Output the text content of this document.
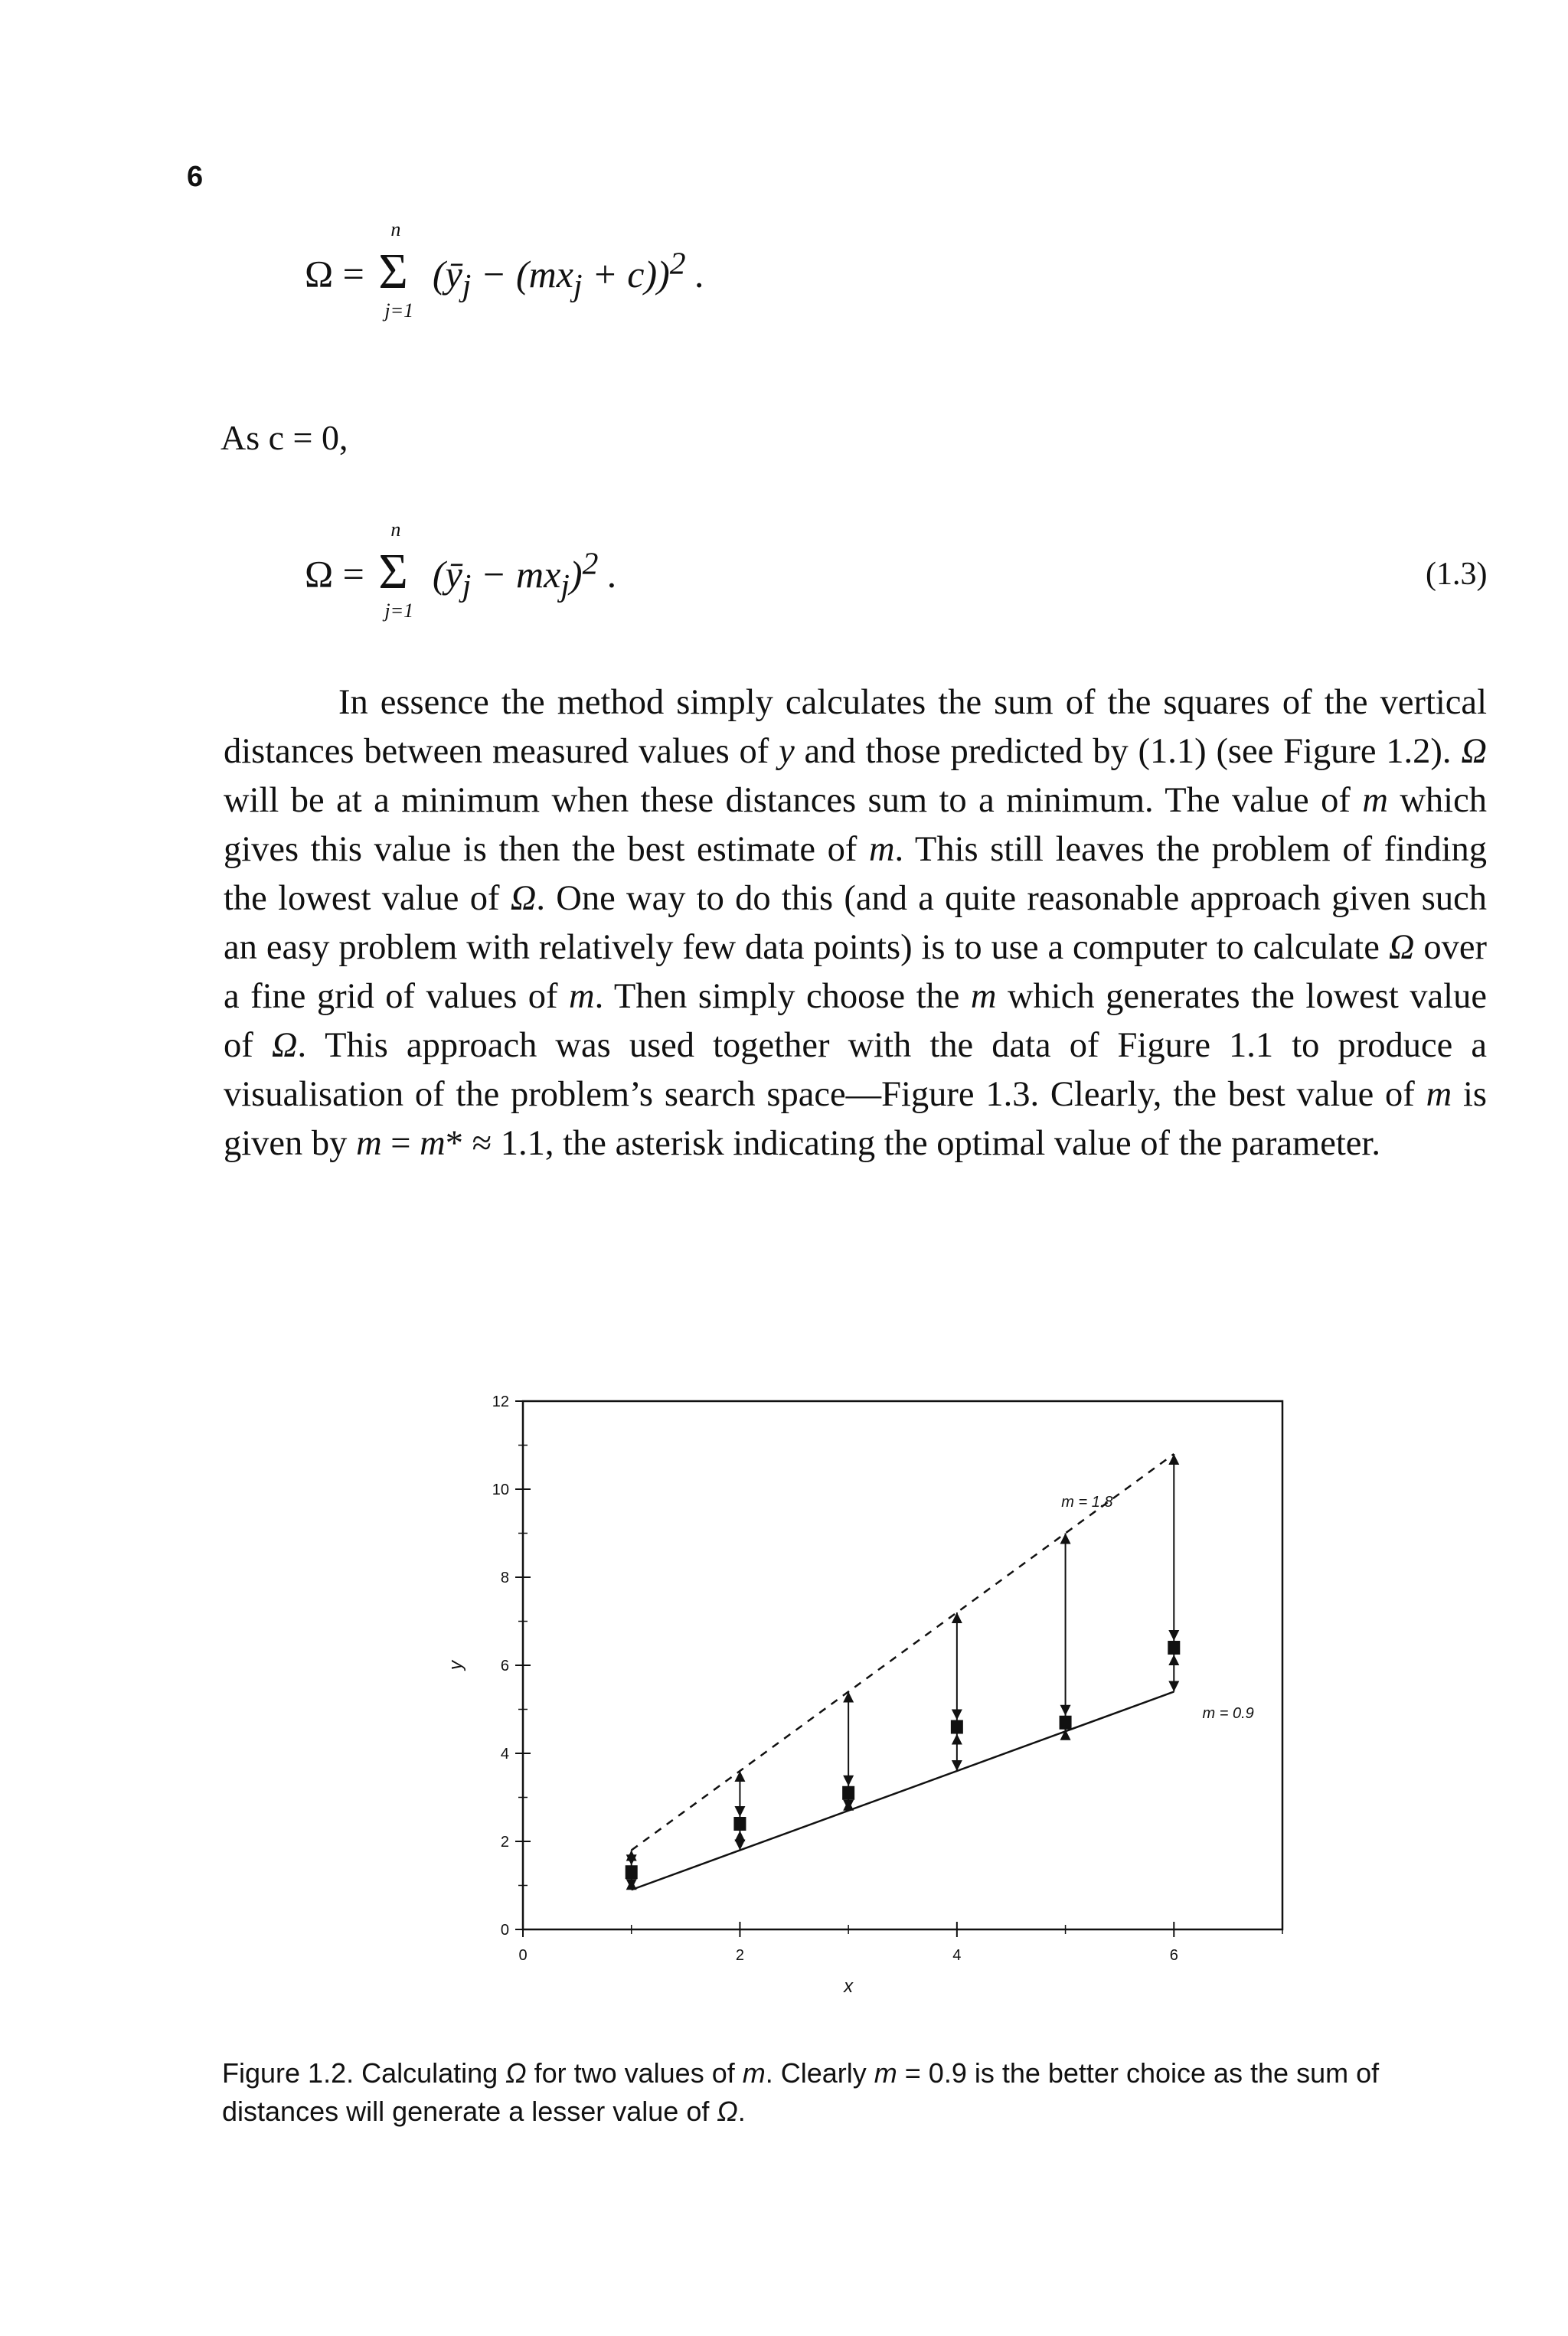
6
Ω =
n
Σ
j=1
$(ȳ_j - (mx_j + c))^2$ .
As c = 0,
Ω =
n
Σ
j=1
$(ȳ_j - mx_j)^2$ .	(1.3)

In essence the method simply calculates the sum of the squares of the vertical distances between measured values of y and those predicted by (1.1) (see Figure 1.2). Ω will be at a minimum when these distances sum to a minimum. The value of m which gives this value is then the best estimate of m. This still leaves the problem of finding the lowest value of Ω. One way to do this (and a quite reasonable approach given such an easy problem with relatively few data points) is to use a computer to calculate Ω over a fine grid of values of m. Then simply choose the m which generates the lowest value of Ω. This approach was used together with the data of Figure 1.1 to produce a visualisation of the problem’s search space—Figure 1.3. Clearly, the best value of m is given by m = m* ≈ 1.1, the asterisk indicating the optimal value of the parameter.

0
2
4
6
8
10
12
0	2	4	6
x
y
m = 1.8
m = 0.9

Figure 1.2. Calculating Ω for two values of m. Clearly m = 0.9 is the better choice as the sum of distances will generate a lesser value of Ω.
